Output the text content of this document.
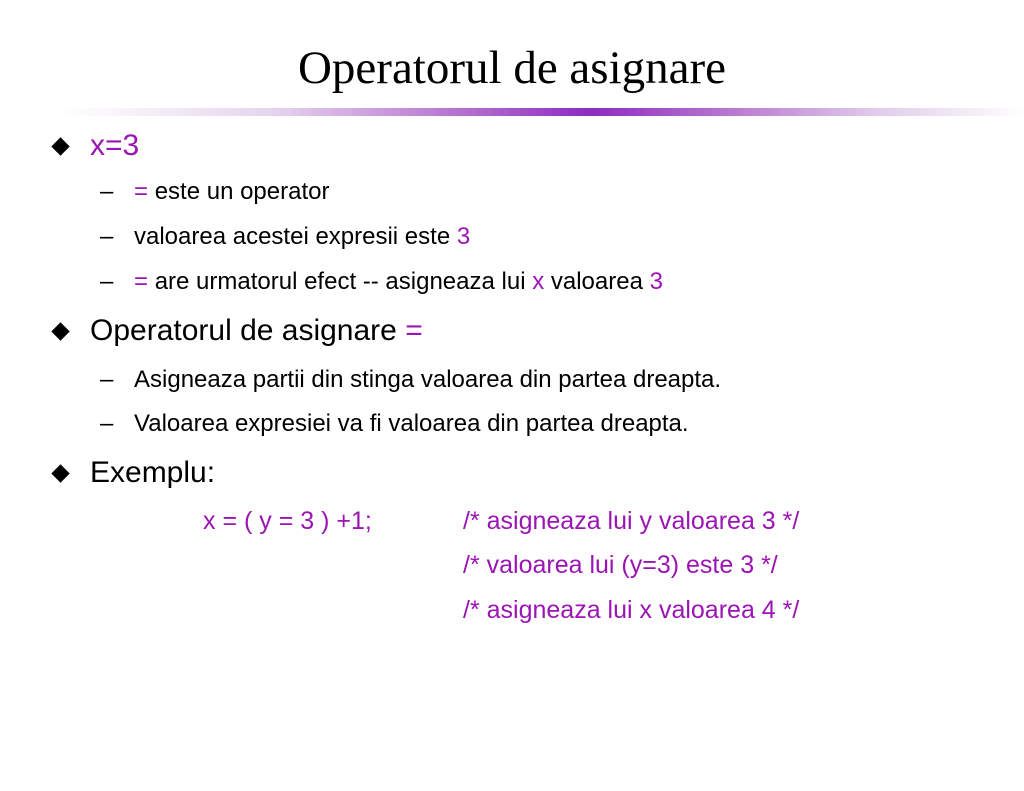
Operatorul de asignare
x=3
– = este un operator
– valoarea acestei expresii este 3
– = are urmatorul efect -- asigneaza lui x valoarea 3
Operatorul de asignare =
– Asigneaza partii din stinga valoarea din partea dreapta.
– Valoarea expresiei va fi valoarea din partea dreapta.
Exemplu:
x = ( y = 3 ) +1;	/* asigneaza lui y valoarea 3 */
/* valoarea lui (y=3) este 3 */
/* asigneaza lui x valoarea 4 */
